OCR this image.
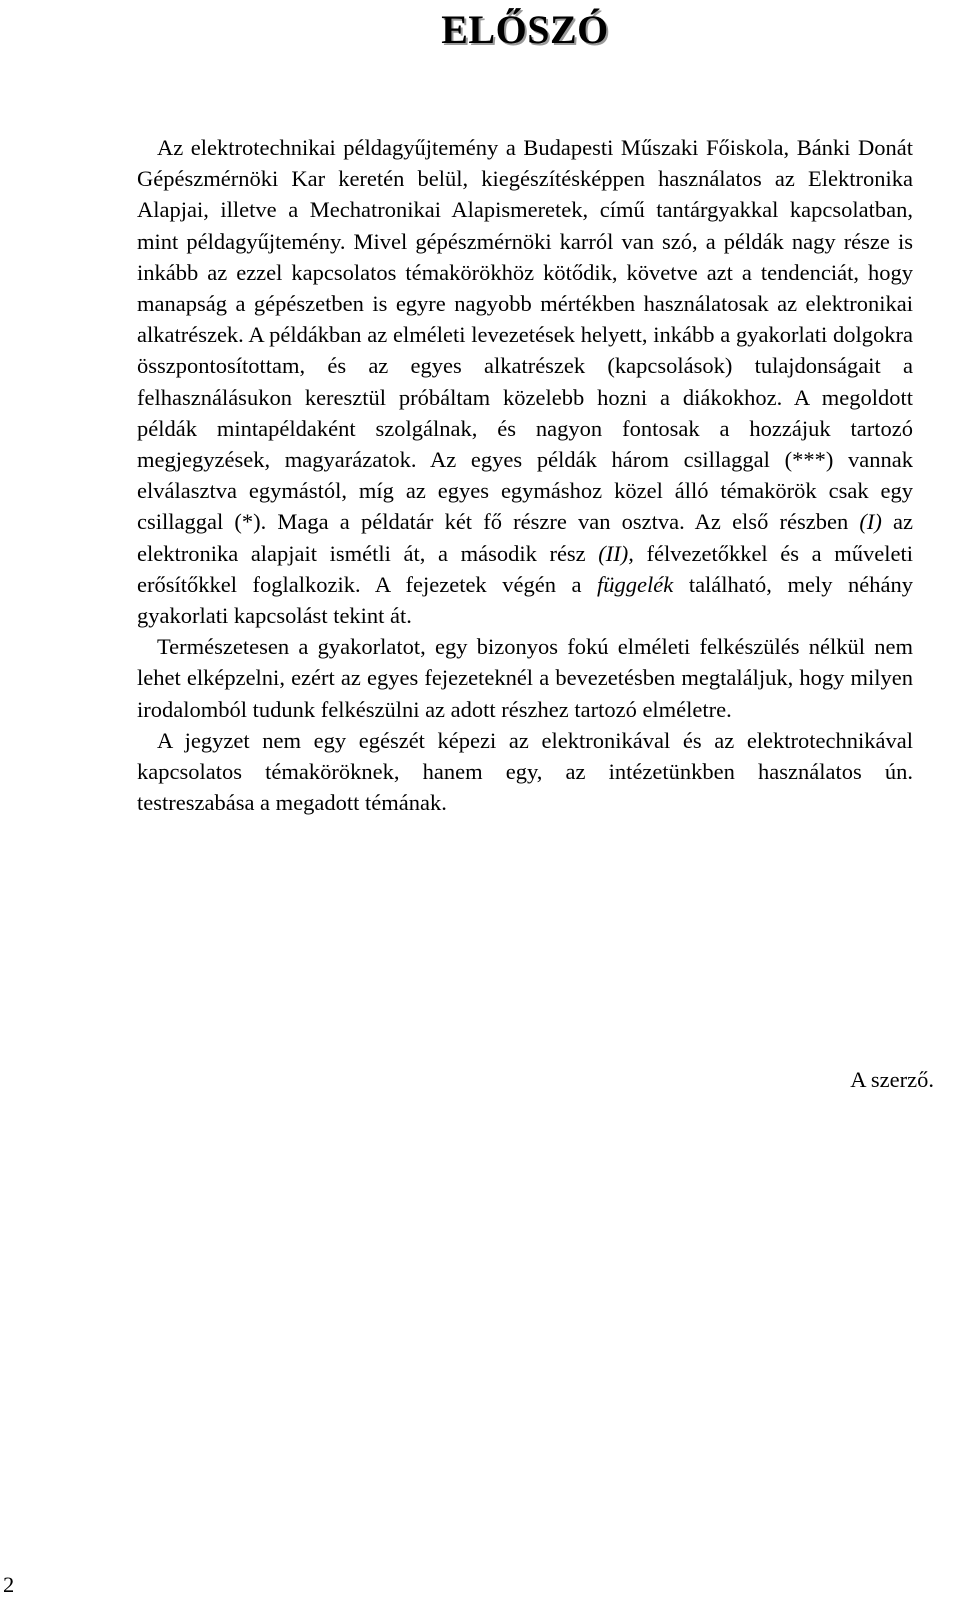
ELŐSZÓ

Az elektrotechnikai példagyűjtemény a Budapesti Műszaki Főiskola, Bánki Donát Gépészmérnöki Kar keretén belül, kiegészítésképpen használatos az Elektronika Alapjai, illetve a Mechatronikai Alapismeretek, című tantárgyakkal kapcsolatban, mint példagyűjtemény. Mivel gépészmérnöki karról van szó, a példák nagy része is inkább az ezzel kapcsolatos témakörökhöz kötődik, követve azt a tendenciát, hogy manapság a gépészetben is egyre nagyobb mértékben használatosak az elektronikai alkatrészek. A példákban az elméleti levezetések helyett, inkább a gyakorlati dolgokra összpontosítottam, és az egyes alkatrészek (kapcsolások) tulajdonságait a felhasználásukon keresztül próbáltam közelebb hozni a diákokhoz. A megoldott példák mintapéldaként szolgálnak, és nagyon fontosak a hozzájuk tartozó megjegyzések, magyarázatok. Az egyes példák három csillaggal (***) vannak elválasztva egymástól, míg az egyes egymáshoz közel álló témakörök csak egy csillaggal (*). Maga a példatár két fő részre van osztva. Az első részben (I) az elektronika alapjait ismétli át, a második rész (II), félvezetőkkel és a műveleti erősítőkkel foglalkozik. A fejezetek végén a függelék található, mely néhány gyakorlati kapcsolást tekint át.

Természetesen a gyakorlatot, egy bizonyos fokú elméleti felkészülés nélkül nem lehet elképzelni, ezért az egyes fejezeteknél a bevezetésben megtaláljuk, hogy milyen irodalomból tudunk felkészülni az adott részhez tartozó elméletre.

A jegyzet nem egy egészét képezi az elektronikával és az elektrotechnikával kapcsolatos témaköröknek, hanem egy, az intézetünkben használatos ún. testreszabása a megadott témának.

A szerző.
2
